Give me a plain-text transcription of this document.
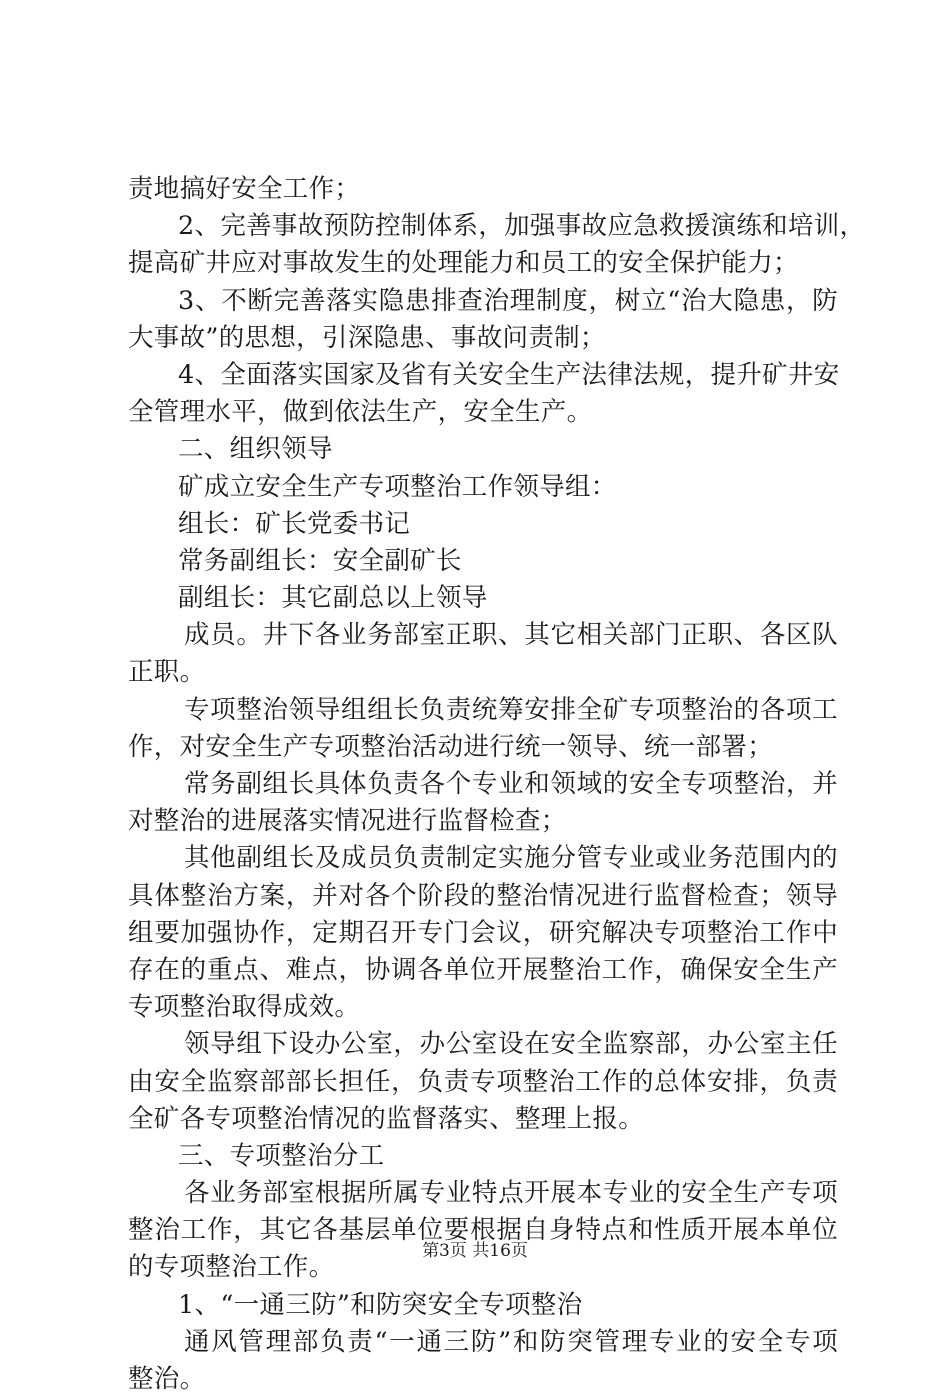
责地搞好安全工作；
2、完善事故预防控制体系，加强事故应急救援演练和培训，
提高矿井应对事故发生的处理能力和员工的安全保护能力；
3、不断完善落实隐患排查治理制度，树立“治大隐患，防
大事故”的思想，引深隐患、事故问责制；
4、全面落实国家及省有关安全生产法律法规，提升矿井安
全管理水平，做到依法生产，安全生产。
二、组织领导
矿成立安全生产专项整治工作领导组：
组长：矿长党委书记
常务副组长：安全副矿长
副组长：其它副总以上领导
成员。井下各业务部室正职、其它相关部门正职、各区队
正职。
专项整治领导组组长负责统筹安排全矿专项整治的各项工
作，对安全生产专项整治活动进行统一领导、统一部署；
常务副组长具体负责各个专业和领域的安全专项整治，并
对整治的进展落实情况进行监督检查；
其他副组长及成员负责制定实施分管专业或业务范围内的
具体整治方案，并对各个阶段的整治情况进行监督检查；领导
组要加强协作，定期召开专门会议，研究解决专项整治工作中
存在的重点、难点，协调各单位开展整治工作，确保安全生产
专项整治取得成效。
领导组下设办公室，办公室设在安全监察部，办公室主任
由安全监察部部长担任，负责专项整治工作的总体安排，负责
全矿各专项整治情况的监督落实、整理上报。
三、专项整治分工
各业务部室根据所属专业特点开展本专业的安全生产专项
整治工作，其它各基层单位要根据自身特点和性质开展本单位
的专项整治工作。
1、“一通三防”和防突安全专项整治
通风管理部负责“一通三防”和防突管理专业的安全专项
整治。
第3页 共16页
